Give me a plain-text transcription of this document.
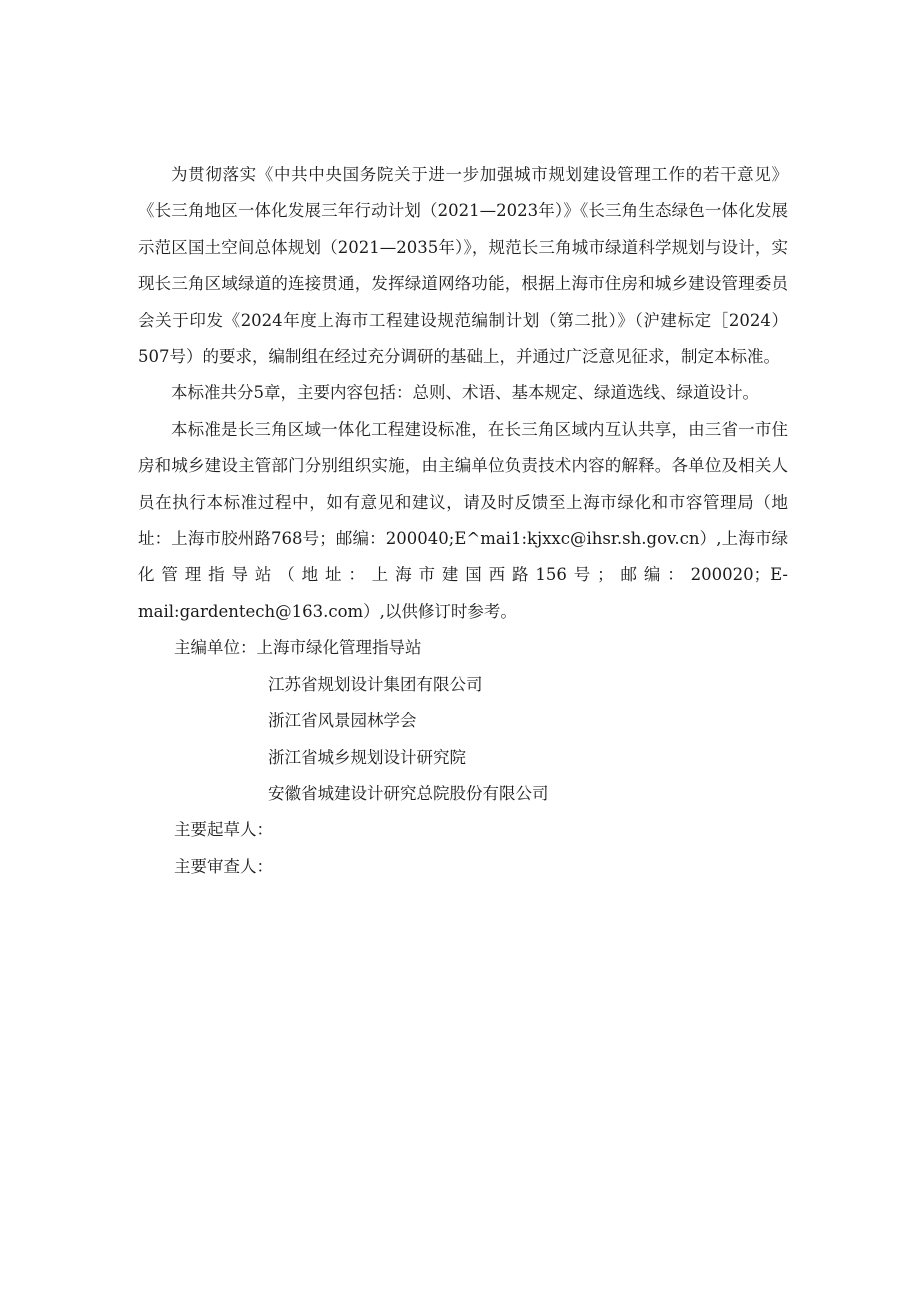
为贯彻落实《中共中央国务院关于进一步加强城市规划建设管理工作的若干意见》《长三角地区一体化发展三年行动计划（2021—2023年）》《长三角生态绿色一体化发展示范区国土空间总体规划（2021—2035年）》，规范长三角城市绿道科学规划与设计，实现长三角区域绿道的连接贯通，发挥绿道网络功能，根据上海市住房和城乡建设管理委员会关于印发《2024年度上海市工程建设规范编制计划（第二批）》（沪建标定［2024）507号）的要求，编制组在经过充分调研的基础上，并通过广泛意见征求，制定本标准。

本标准共分5章，主要内容包括：总则、术语、基本规定、绿道选线、绿道设计。

本标准是长三角区域一体化工程建设标准，在长三角区域内互认共享，由三省一市住房和城乡建设主管部门分别组织实施，由主编单位负责技术内容的解释。各单位及相关人员在执行本标准过程中，如有意见和建议，请及时反馈至上海市绿化和市容管理局（地址：上海市胶州路768号；邮编：200040;E^mai1:kjxxc@ihsr.sh.gov.cn）,上海市绿化管理指导站（地址：上海市建国西路156号；邮编：200020；E-mail:gardentech@163.com）,以供修订时参考。

主编单位：上海市绿化管理指导站

江苏省规划设计集团有限公司

浙江省风景园林学会

浙江省城乡规划设计研究院

安徽省城建设计研究总院股份有限公司

主要起草人：

主要审查人：
